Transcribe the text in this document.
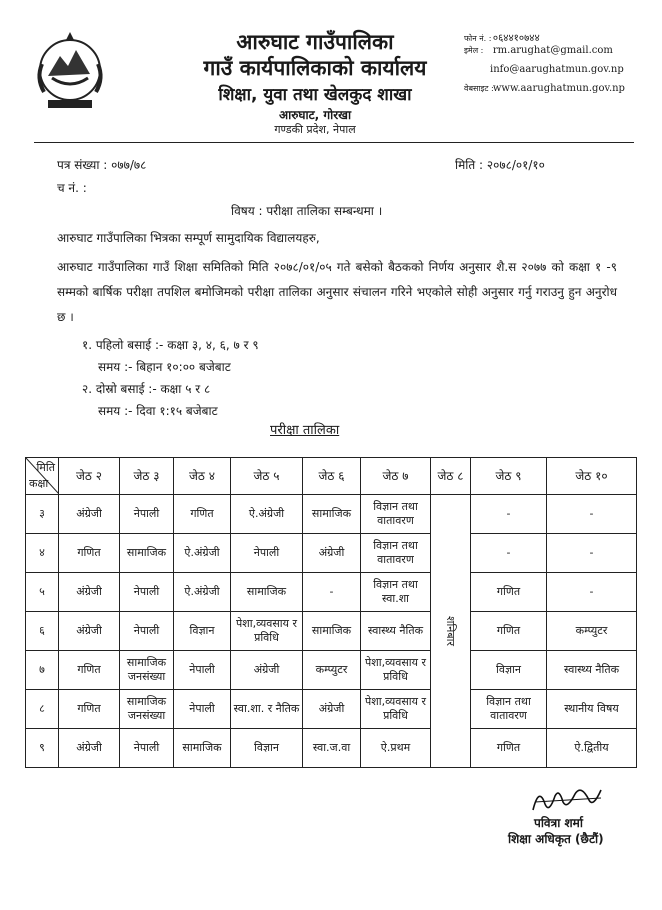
आरुघाट गाउँपालिका
गाउँ कार्यपालिकाको कार्यालय
शिक्षा, युवा तथा खेलकुद शाखा
आरुघाट, गोरखा
गण्डकी प्रदेश, नेपाल
फोन नं. : ०६४४१०७४४
इमेल : rm.arughat@gmail.com
info@aarughatmun.gov.np
वेबसाइट : www.aarughatmun.gov.np
पत्र संख्या : ०७७/७८	मिति : २०७८/०१/१०
च नं. :
विषय : परीक्षा तालिका सम्बन्धमा ।
आरुघाट गाउँपालिका भित्रका सम्पूर्ण सामुदायिक विद्यालयहरु,
आरुघाट गाउँपालिका गाउँ शिक्षा समितिको मिति २०७८/०१/०५ गते बसेको बैठकको निर्णय अनुसार शै.स २०७७ को कक्षा १ -९ सम्मको बार्षिक परीक्षा तपशिल बमोजिमको परीक्षा तालिका अनुसार संचालन गरिने भएकोले सोही अनुसार गर्नु गराउनु हुन अनुरोध छ ।
१. पहिलो बसाई :- कक्षा ३, ४, ६, ७ र ९
समय :- बिहान १०:०० बजेबाट
२. दोस्रो बसाई :- कक्षा ५ र ८
समय :- दिवा १:१५ बजेबाट
परीक्षा तालिका
मिति
कक्षा	जेठ २	जेठ ३	जेठ ४	जेठ ५	जेठ ६	जेठ ७	जेठ ८	जेठ ९	जेठ १०
३	अंग्रेजी	नेपाली	गणित	ऐ.अंग्रेजी	सामाजिक	विज्ञान तथा वातावरण	शनिबार	-	-
४	गणित	सामाजिक	ऐ.अंग्रेजी	नेपाली	अंग्रेजी	विज्ञान तथा वातावरण		-	-
५	अंग्रेजी	नेपाली	ऐ.अंग्रेजी	सामाजिक	-	विज्ञान तथा स्वा.शा		गणित	-
६	अंग्रेजी	नेपाली	विज्ञान	पेशा,व्यवसाय र प्रविधि	सामाजिक	स्वास्थ्य नैतिक		गणित	कम्प्युटर
७	गणित	सामाजिक जनसंख्या	नेपाली	अंग्रेजी	कम्प्युटर	पेशा,व्यवसाय र प्रविधि		विज्ञान	स्वास्थ्य नैतिक
८	गणित	सामाजिक जनसंख्या	नेपाली	स्वा.शा. र नैतिक	अंग्रेजी	पेशा,व्यवसाय र प्रविधि		विज्ञान तथा वातावरण	स्थानीय विषय
९	अंग्रेजी	नेपाली	सामाजिक	विज्ञान	स्वा.ज.वा	ऐ.प्रथम		गणित	ऐ.द्वितीय
पवित्रा शर्मा
शिक्षा अधिकृत (छैटौं)
